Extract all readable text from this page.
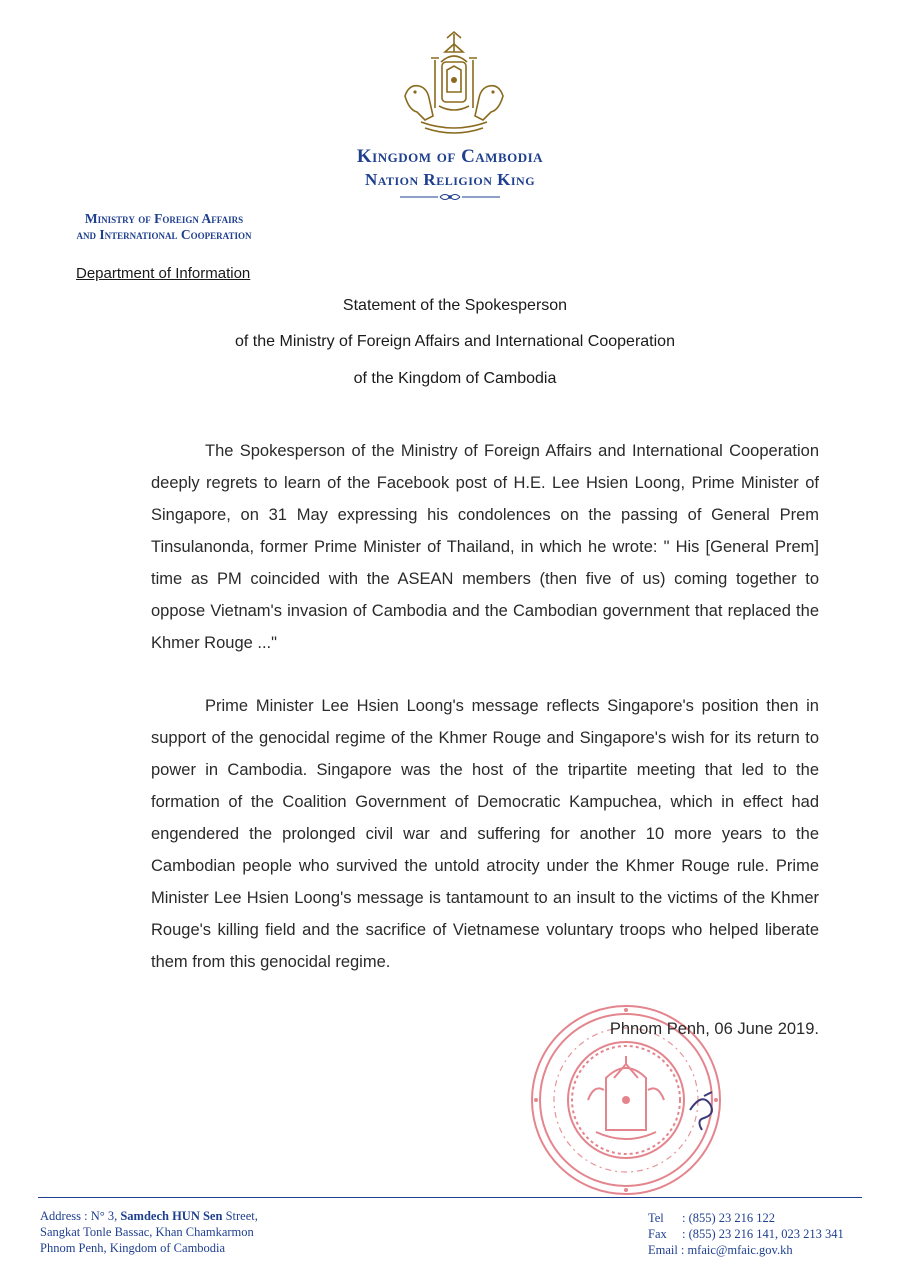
Kingdom of Cambodia
Nation Religion King
Ministry of Foreign Affairs
and International Cooperation
Department of Information
Statement of the Spokesperson
of the Ministry of Foreign Affairs and International Cooperation
of the Kingdom of Cambodia

The Spokesperson of the Ministry of Foreign Affairs and International Cooperation deeply regrets to learn of the Facebook post of H.E. Lee Hsien Loong, Prime Minister of Singapore, on 31 May expressing his condolences on the passing of General Prem Tinsulanonda, former Prime Minister of Thailand, in which he wrote: " His [General Prem] time as PM coincided with the ASEAN members (then five of us) coming together to oppose Vietnam's invasion of Cambodia and the Cambodian government that replaced the Khmer Rouge ..."

Prime Minister Lee Hsien Loong's message reflects Singapore's position then in support of the genocidal regime of the Khmer Rouge and Singapore's wish for its return to power in Cambodia. Singapore was the host of the tripartite meeting that led to the formation of the Coalition Government of Democratic Kampuchea, which in effect had engendered the prolonged civil war and suffering for another 10 more years to the Cambodian people who survived the untold atrocity under the Khmer Rouge rule. Prime Minister Lee Hsien Loong's message is tantamount to an insult to the victims of the Khmer Rouge's killing field and the sacrifice of Vietnamese voluntary troops who helped liberate them from this genocidal regime.

Phnom Penh, 06 June 2019.
Address : N° 3, Samdech HUN Sen Street,
Sangkat Tonle Bassac, Khan Chamkarmon
Phnom Penh, Kingdom of Cambodia
Tel	: (855) 23 216 122
Fax	: (855) 23 216 141, 023 213 341
Email : mfaic@mfaic.gov.kh
